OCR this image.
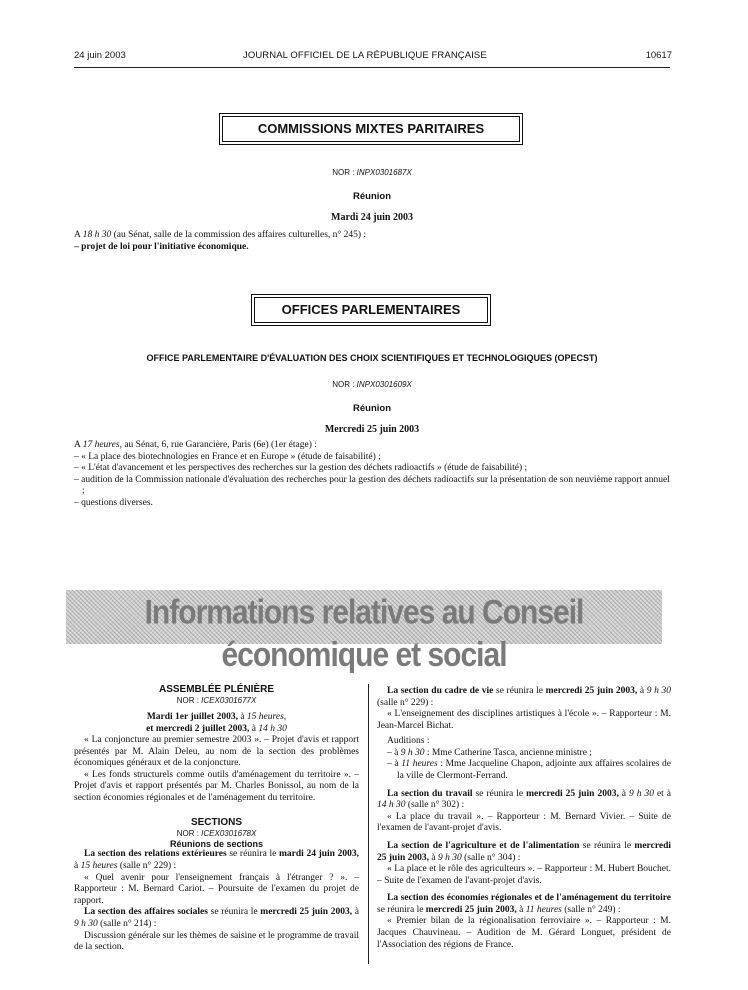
24 juin 2003	JOURNAL OFFICIEL DE LA RÉPUBLIQUE FRANÇAISE	10617
COMMISSIONS MIXTES PARITAIRES
NOR : INPX0301687X
Réunion
Mardi 24 juin 2003

A 18 h 30 (au Sénat, salle de la commission des affaires culturelles, n° 245) :

– projet de loi pour l'initiative économique.

OFFICES PARLEMENTAIRES
OFFICE PARLEMENTAIRE D'ÉVALUATION DES CHOIX SCIENTIFIQUES ET TECHNOLOGIQUES (OPECST)
NOR : INPX0301609X
Réunion
Mercredi 25 juin 2003

A 17 heures, au Sénat, 6, rue Garancière, Paris (6e) (1er étage) :

– « La place des biotechnologies en France et en Europe » (étude de faisabilité) ;

– « L'état d'avancement et les perspectives des recherches sur la gestion des déchets radioactifs » (étude de faisabilité) ;

– audition de la Commission nationale d'évaluation des recherches pour la gestion des déchets radioactifs sur la présentation de son neuvième rapport annuel ;

– questions diverses.

Informations relatives au Conseil économique et social
ASSEMBLÉE PLÉNIÈRE
NOR : ICEX0301677X

Mardi 1er juillet 2003, à 15 heures,

et mercredi 2 juillet 2003, à 14 h 30

« La conjoncture au premier semestre 2003 ». – Projet d'avis et rapport présentés par M. Alain Deleu, au nom de la section des problèmes économiques généraux et de la conjoncture.

« Les fonds structurels comme outils d'aménagement du territoire ». – Projet d'avis et rapport présentés par M. Charles Bonissol, au nom de la section économies régionales et de l'aménagement du territoire.

SECTIONS
NOR : ICEX0301678X
Réunions de sections

La section des relations extérieures se réunira le mardi 24 juin 2003, à 15 heures (salle n° 229) :

« Quel avenir pour l'enseignement français à l'étranger ? ». – Rapporteur : M. Bernard Cariot. – Poursuite de l'examen du projet de rapport.

La section des affaires sociales se réunira le mercredi 25 juin 2003, à 9 h 30 (salle n° 214) :

Discussion générale sur les thèmes de saisine et le programme de travail de la section.

La section du cadre de vie se réunira le mercredi 25 juin 2003, à 9 h 30 (salle n° 229) :

« L'enseignement des disciplines artistiques à l'école ». – Rapporteur : M. Jean-Marcel Bichat.

Auditions :

– à 9 h 30 : Mme Catherine Tasca, ancienne ministre ;

– à 11 heures : Mme Jacqueline Chapon, adjointe aux affaires scolaires de la ville de Clermont-Ferrand.

La section du travail se réunira le mercredi 25 juin 2003, à 9 h 30 et à 14 h 30 (salle n° 302) :

« La place du travail ». – Rapporteur : M. Bernard Vivier. – Suite de l'examen de l'avant-projet d'avis.

La section de l'agriculture et de l'alimentation se réunira le mercredi 25 juin 2003, à 9 h 30 (salle n° 304) :

« La place et le rôle des agriculteurs ». – Rapporteur : M. Hubert Bouchet. – Suite de l'examen de l'avant-projet d'avis.

La section des économies régionales et de l'aménagement du territoire se réunira le mercredi 25 juin 2003, à 11 heures (salle n° 249) :

« Premier bilan de la régionalisation ferroviaire ». – Rapporteur : M. Jacques Chauvineau. – Audition de M. Gérard Longuet, président de l'Association des régions de France.
